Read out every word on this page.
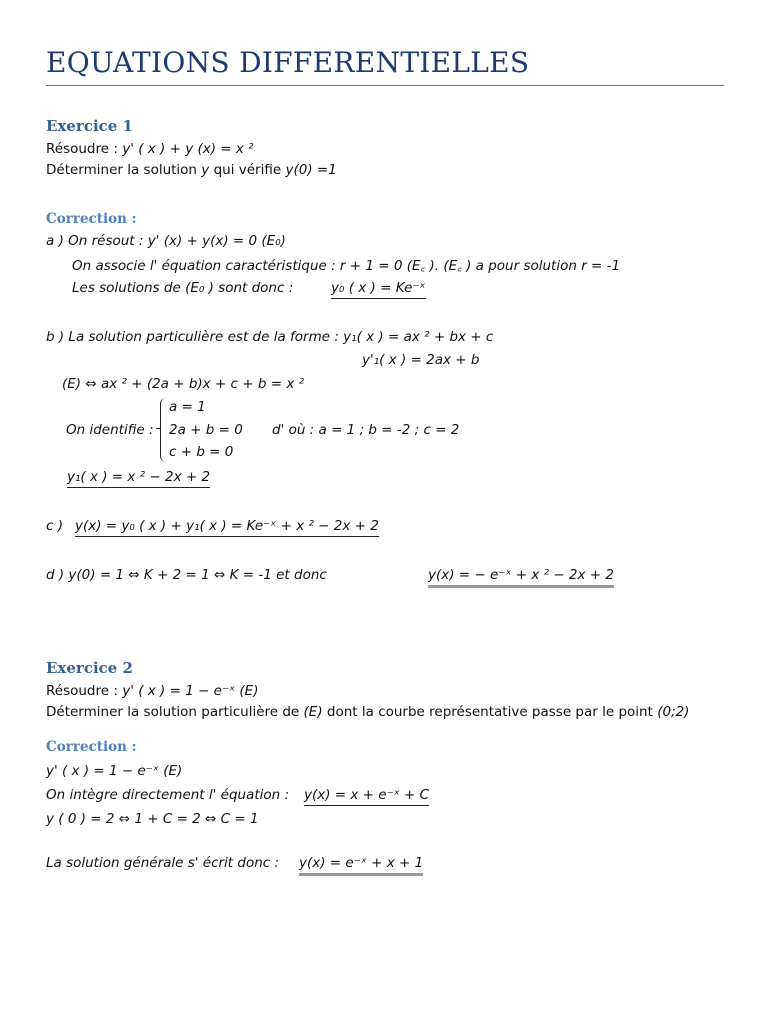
EQUATIONS DIFFERENTIELLES
Exercice 1
Résoudre : y' ( x ) + y (x) = x ²
Déterminer la solution y qui vérifie y(0) =1
Correction :
a ) On résout : y' (x) + y(x) = 0 (E₀)
On associe l' équation caractéristique : r + 1 = 0 (E꜀ ). (E꜀ ) a pour solution r = -1
Les solutions de (E₀ ) sont donc :	y₀ ( x ) = Ke⁻ˣ
b ) La solution particulière est de la forme : y₁( x ) = ax ² + bx + c
y'₁( x ) = 2ax + b
(E) ⇔ ax ² + (2a + b)x + c + b = x ²
On identifie :
a = 1
2a + b = 0
c + b = 0
d' où : a = 1 ; b = -2 ; c = 2
y₁( x ) = x ² − 2x + 2
c ) y(x) = y₀ ( x ) + y₁( x ) = Ke⁻ˣ + x ² − 2x + 2
d ) y(0) = 1 ⇔ K + 2 = 1 ⇔ K = -1 et donc	y(x) = − e⁻ˣ + x ² − 2x + 2
Exercice 2
Résoudre : y' ( x ) = 1 − e⁻ˣ (E)
Déterminer la solution particulière de (E) dont la courbe représentative passe par le point (0;2)
Correction :
y' ( x ) = 1 − e⁻ˣ (E)
On intègre directement l' équation : y(x) = x + e⁻ˣ + C
y ( 0 ) = 2 ⇔ 1 + C = 2 ⇔ C = 1
La solution générale s' écrit donc : y(x) = e⁻ˣ + x + 1
